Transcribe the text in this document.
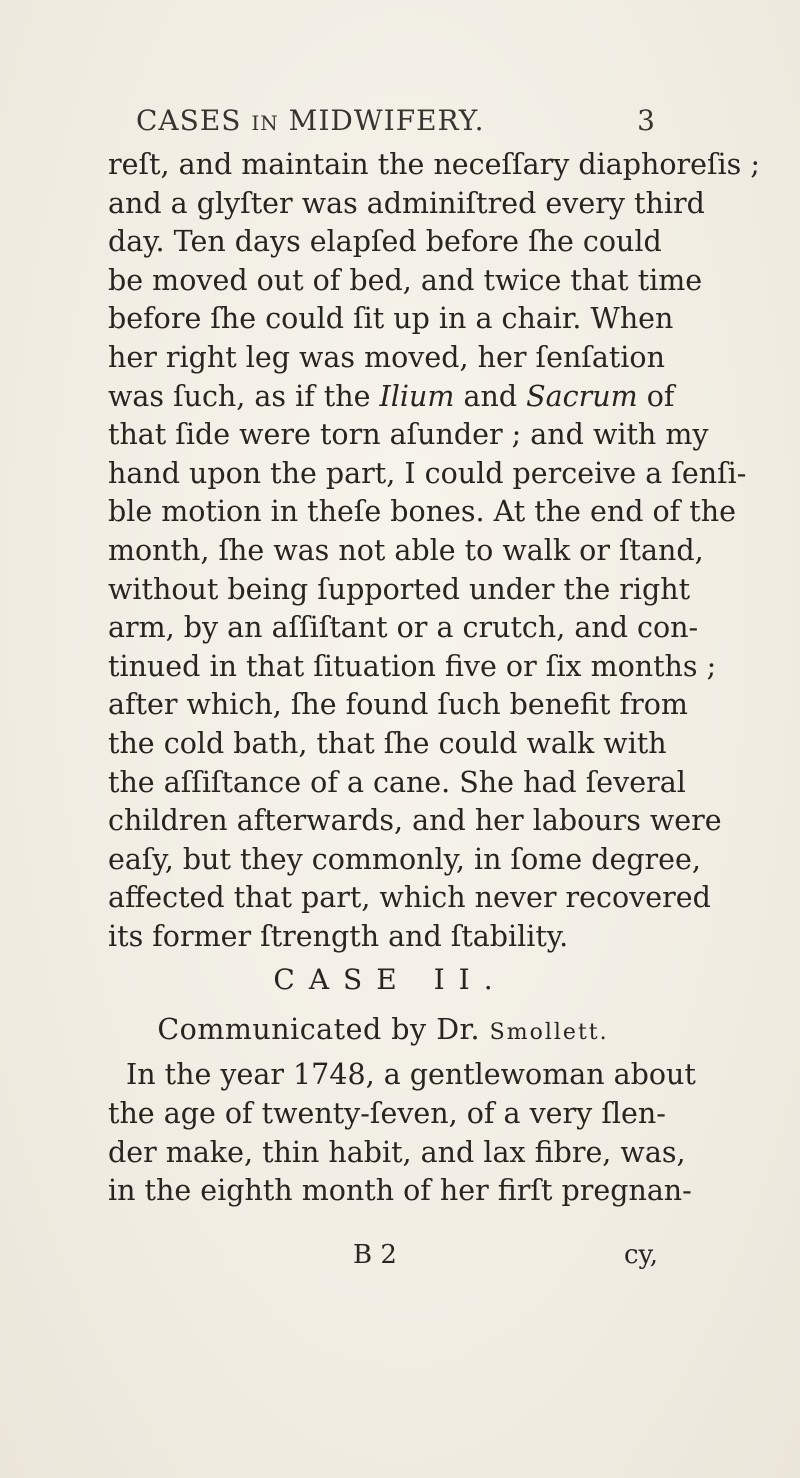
CASES IN MIDWIFERY.	3
reſt, and maintain the neceſſary diaphoreſis ;
and a glyſter was adminiſtred every third
day. Ten days elapſed before ſhe could
be moved out of bed, and twice that time
before ſhe could ſit up in a chair. When
her right leg was moved, her ſenſation
was ſuch, as if the Ilium and Sacrum of
that ſide were torn aſunder ; and with my
hand upon the part, I could perceive a ſenſi-
ble motion in theſe bones. At the end of the
month, ſhe was not able to walk or ſtand,
without being ſupported under the right
arm, by an aſſiſtant or a crutch, and con-
tinued in that ſituation five or ſix months ;
after which, ſhe found ſuch benefit from
the cold bath, that ſhe could walk with
the aſſiſtance of a cane. She had ſeveral
children afterwards, and her labours were
eaſy, but they commonly, in ſome degree,
affected that part, which never recovered
its former ſtrength and ſtability.
CASE II.
Communicated by Dr. Smollett.
In the year 1748, a gentlewoman about
the age of twenty-ſeven, of a very ſlen-
der make, thin habit, and lax fibre, was,
in the eighth month of her firſt pregnan-
B 2	cy,
